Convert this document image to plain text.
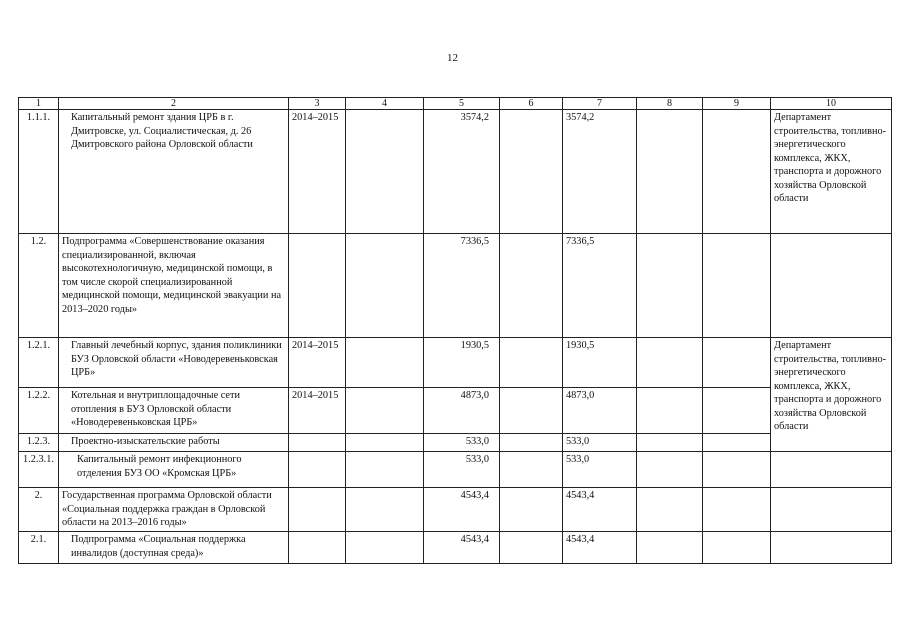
12
1	2	3	4	5	6	7	8	9	10
1.1.1.	Капитальный ремонт здания ЦРБ в г. Дмитровске, ул. Социалистическая, д. 26 Дмитровского района Орловской области	2014–2015		3574,2		3574,2			Департамент строительства, топливно-энергетического комплекса, ЖКХ, транспорта и дорожного хозяйства Орловской области
1.2.	Подпрограмма «Совершенствование оказания специализированной, включая высокотехнологичную, медицинской помощи, в том числе скорой специализированной медицинской помощи, медицинской эвакуации на 2013–2020 годы»			7336,5		7336,5			
1.2.1.	Главный лечебный корпус, здания поликлиники БУЗ Орловской области «Новодеревеньковская ЦРБ»	2014–2015		1930,5		1930,5			Департамент строительства, топливно-энергетического комплекса, ЖКХ, транспорта и дорожного хозяйства Орловской области
1.2.2.	Котельная и внутриплощадочные сети отопления в БУЗ Орловской области «Новодеревеньковская ЦРБ»	2014–2015		4873,0		4873,0			
1.2.3.	Проектно-изыскательские работы			533,0		533,0			
1.2.3.1.	Капитальный ремонт инфекционного отделения БУЗ ОО «Кромская ЦРБ»			533,0		533,0			
2.	Государственная программа Орловской области «Социальная поддержка граждан в Орловской области на 2013–2016 годы»			4543,4		4543,4			
2.1.	Подпрограмма «Социальная поддержка инвалидов (доступная среда)»			4543,4		4543,4			
